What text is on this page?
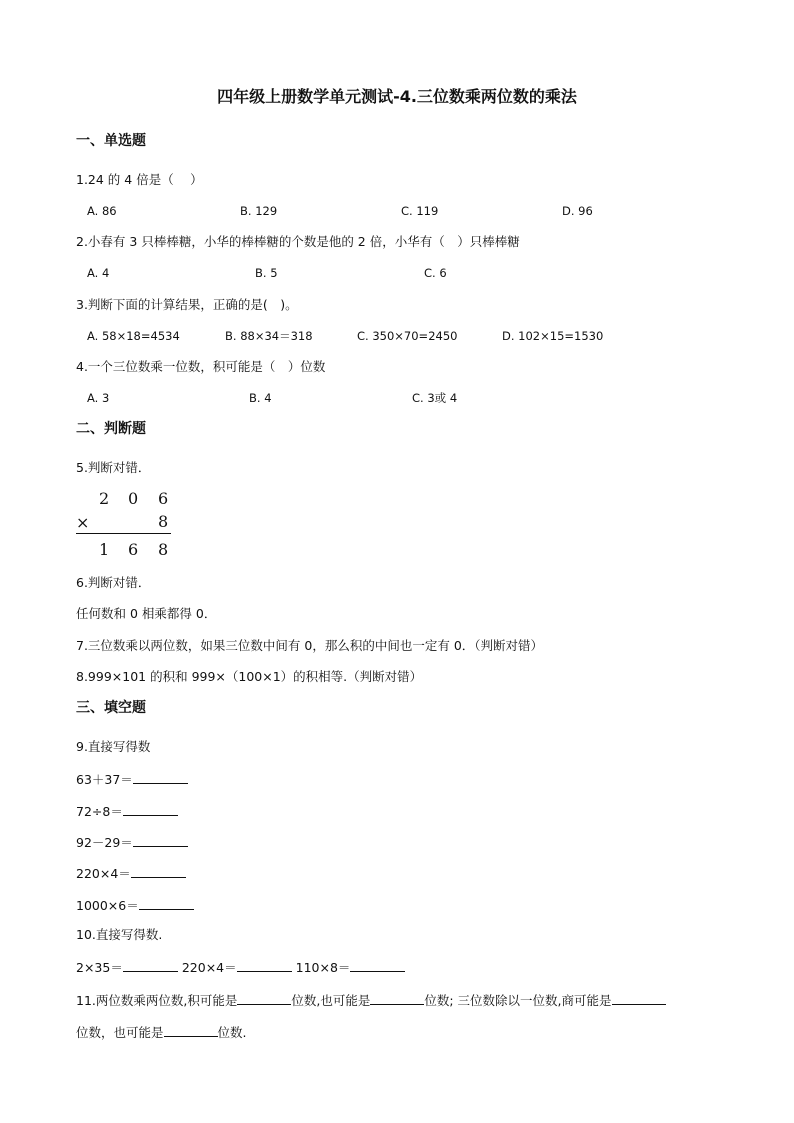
四年级上册数学单元测试-4.三位数乘两位数的乘法
一、单选题
1.24 的 4 倍是（　 ）
A. 86	B. 129	C. 119	D. 96
2.小春有 3 只棒棒糖，小华的棒棒糖的个数是他的 2 倍，小华有（　）只棒棒糖
A. 4	B. 5	C. 6
3.判断下面的计算结果，正确的是(　)。
A. 58×18=4534	B. 88×34＝318	C. 350×70=2450	D. 102×15=1530
4.一个三位数乘一位数，积可能是（　）位数
A. 3	B. 4	C. 3或 4
二、判断题
5.判断对错．
2 0 6
×	8
1 6 8
6.判断对错．
任何数和 0 相乘都得 0．
7.三位数乘以两位数，如果三位数中间有 0，那么积的中间也一定有 0．（判断对错）
8.999×101 的积和 999×（100×1）的积相等.（判断对错）
三、填空题
9.直接写得数
63＋37＝
72÷8＝
92－29＝
220×4＝
1000×6＝
10.直接写得数.
2×35＝	220×4＝	110×8＝
11.两位数乘两位数,积可能是	位数,也可能是	位数; 三位数除以一位数,商可能是
位数，也可能是	位数.
